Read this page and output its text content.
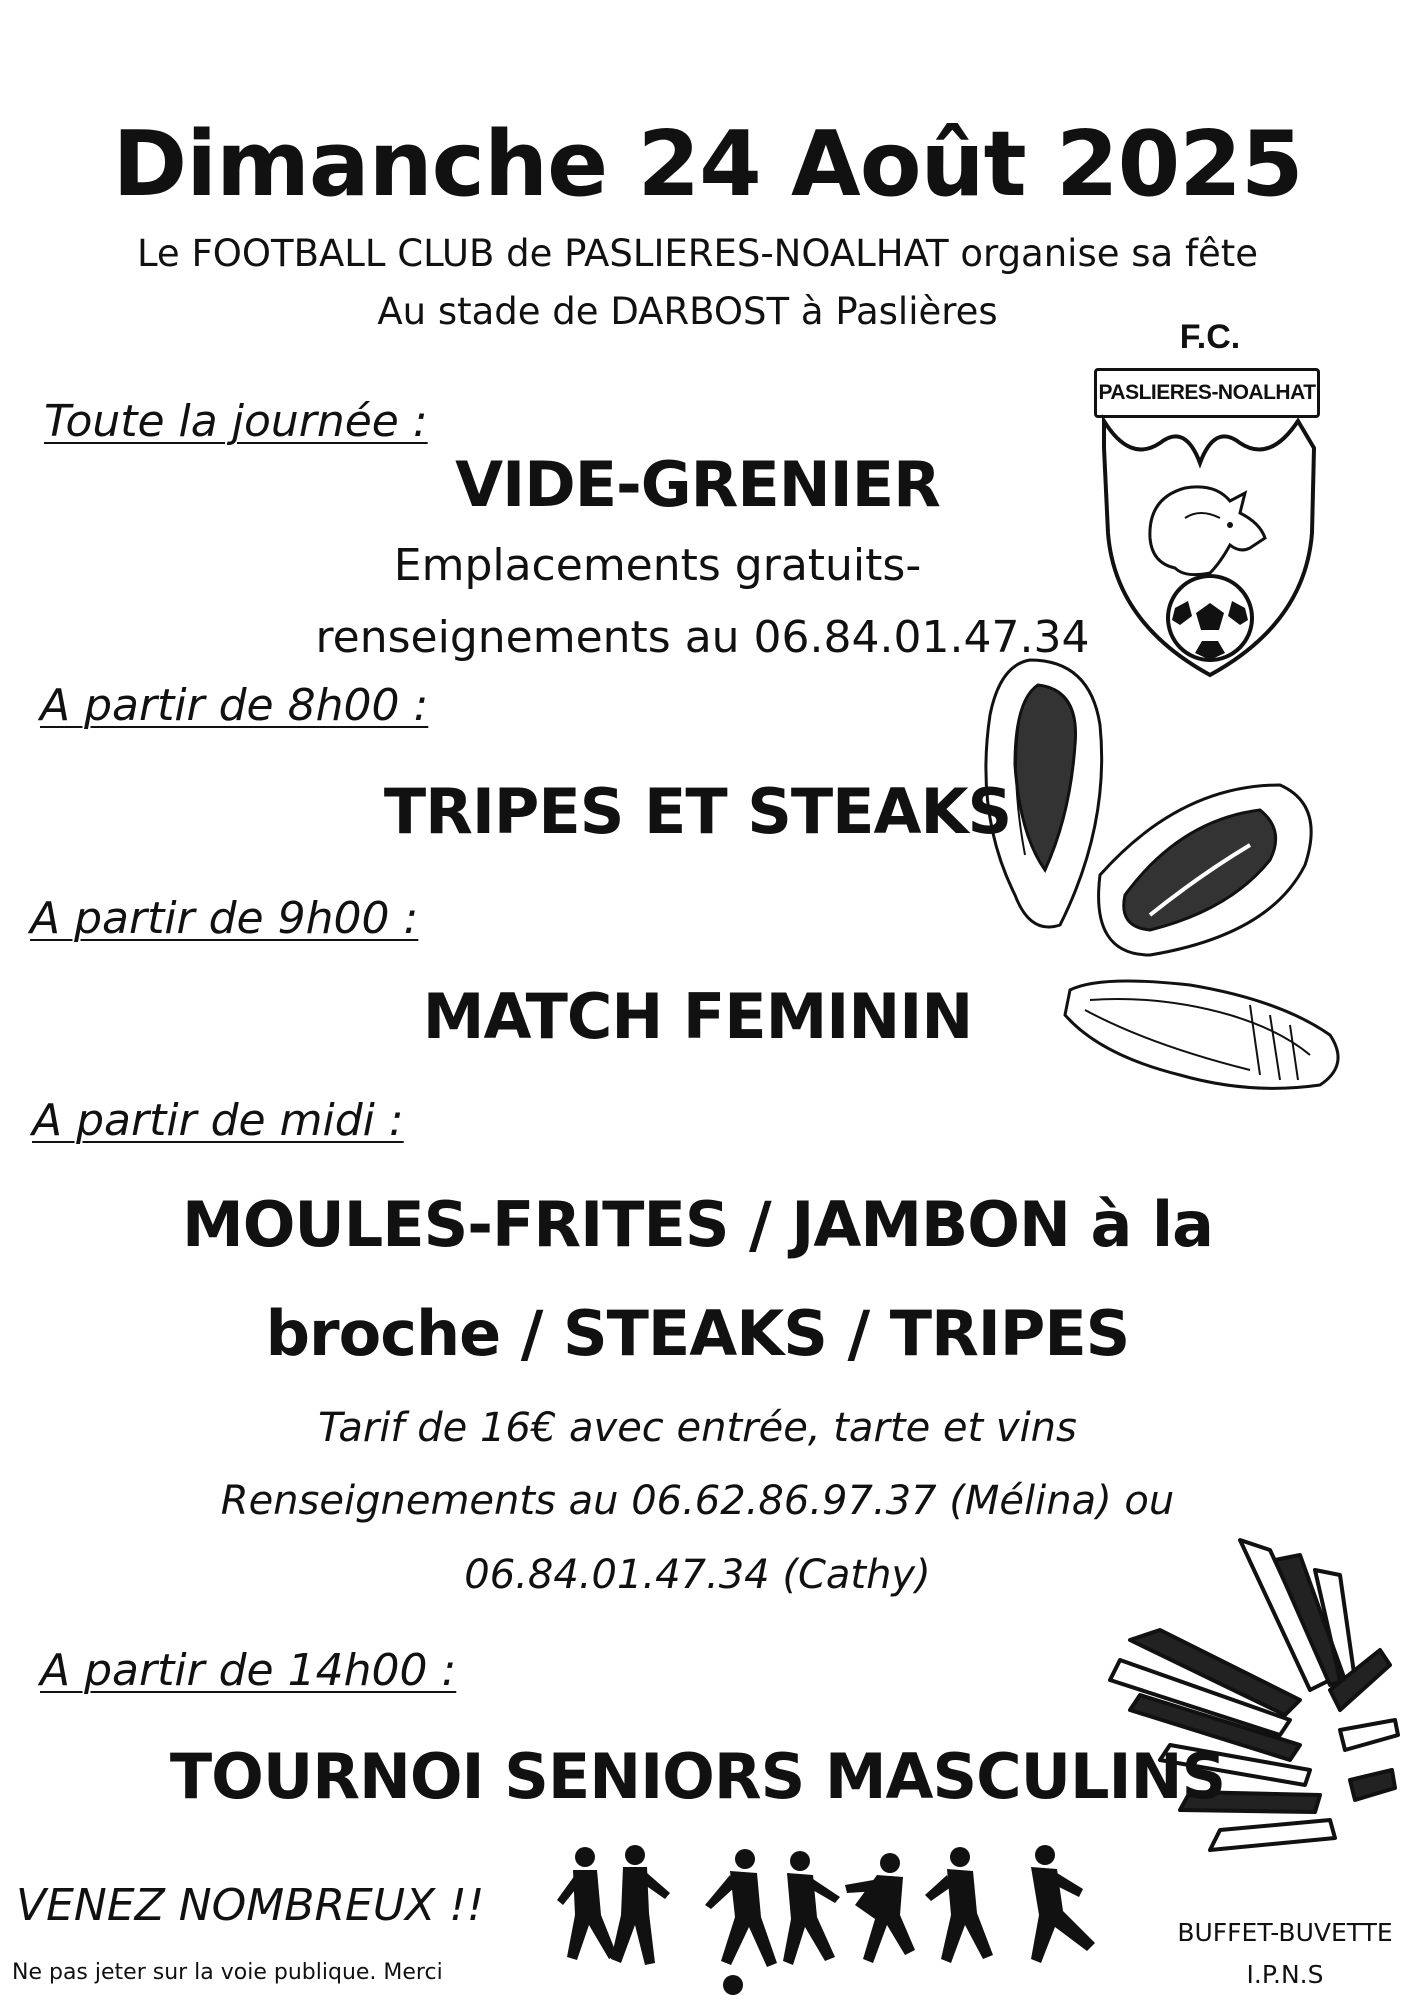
Dimanche 24 Août 2025
Le FOOTBALL CLUB de PASLIERES-NOALHAT organise sa fête
Au stade de DARBOST à Paslières
F.C.
PASLIERES-NOALHAT
Toute la journée :
VIDE-GRENIER
Emplacements gratuits-
renseignements au 06.84.01.47.34
A partir de 8h00 :
TRIPES ET STEAKS
A partir de 9h00 :
MATCH FEMININ
A partir de midi :
MOULES-FRITES / JAMBON à la
broche / STEAKS / TRIPES
Tarif de 16€ avec entrée, tarte et vins
Renseignements au 06.62.86.97.37 (Mélina) ou
06.84.01.47.34 (Cathy)
A partir de 14h00 :
TOURNOI SENIORS MASCULINS
VENEZ NOMBREUX !!
Ne pas jeter sur la voie publique. Merci
BUFFET-BUVETTE
I.P.N.S
